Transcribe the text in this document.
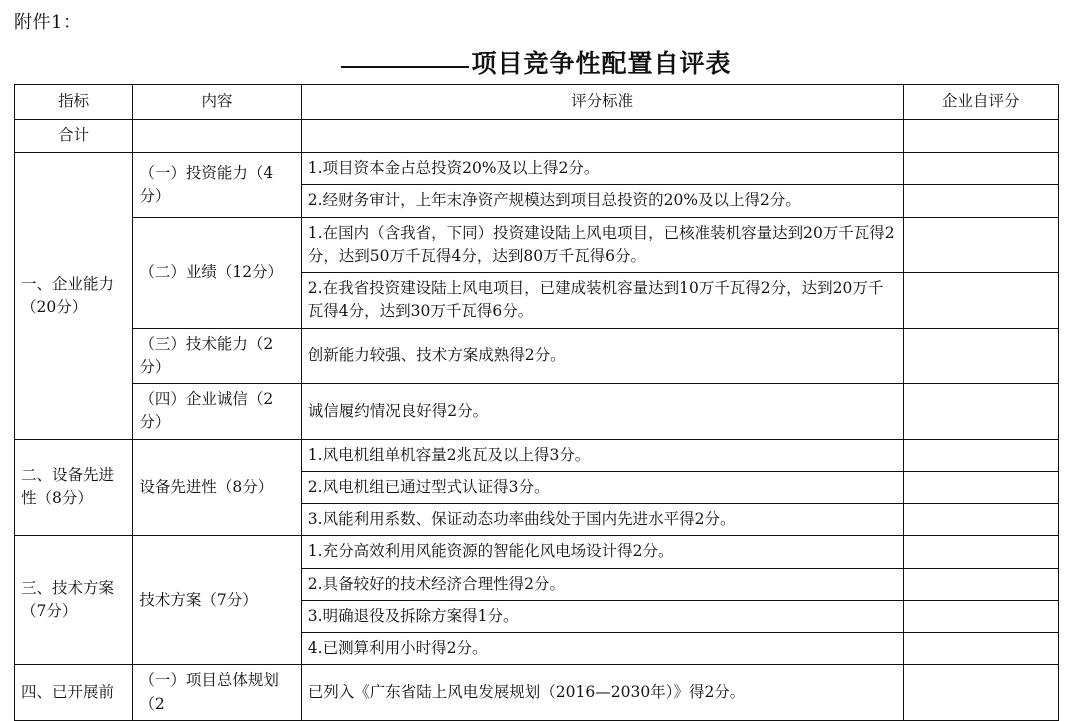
附件1：
项目竞争性配置自评表
指标	内容	评分标准	企业自评分
合计			
一、企业能力（20分）	（一）投资能力（4分）	1.项目资本金占总投资20%及以上得2分。	
		2.经财务审计，上年末净资产规模达到项目总投资的20%及以上得2分。	
	（二）业绩（12分）	1.在国内（含我省，下同）投资建设陆上风电项目，已核准装机容量达到20万千瓦得2分，达到50万千瓦得4分，达到80万千瓦得6分。	
		2.在我省投资建设陆上风电项目，已建成装机容量达到10万千瓦得2分，达到20万千瓦得4分，达到30万千瓦得6分。	
	（三）技术能力（2分）	创新能力较强、技术方案成熟得2分。	
	（四）企业诚信（2分）	诚信履约情况良好得2分。	
二、设备先进性（8分）	设备先进性（8分）	1.风电机组单机容量2兆瓦及以上得3分。	
		2.风电机组已通过型式认证得3分。	
		3.风能利用系数、保证动态功率曲线处于国内先进水平得2分。	
三、技术方案（7分）	技术方案（7分）	1.充分高效利用风能资源的智能化风电场设计得2分。	
		2.具备较好的技术经济合理性得2分。	
		3.明确退役及拆除方案得1分。	
		4.已测算利用小时得2分。	
四、已开展前	（一）项目总体规划（2	已列入《广东省陆上风电发展规划（2016—2030年）》得2分。	
